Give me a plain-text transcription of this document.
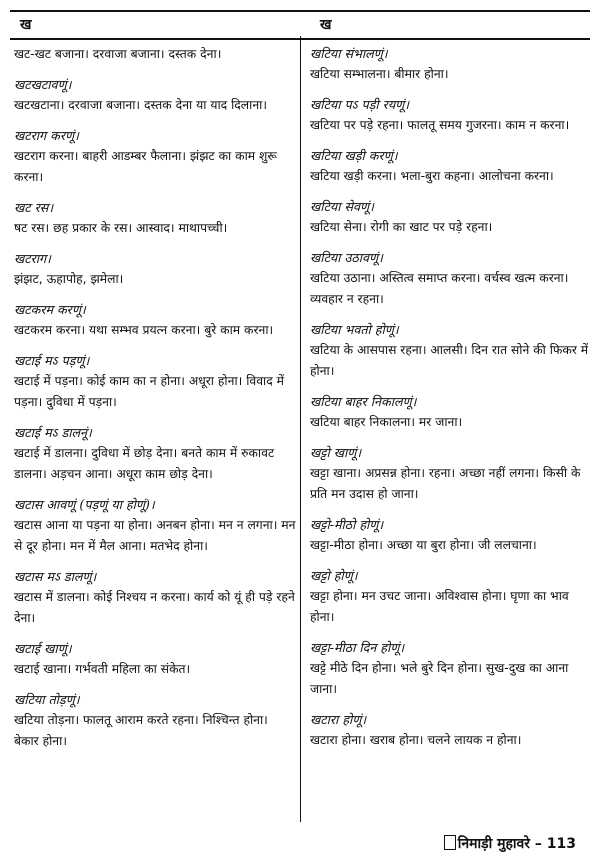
ख	ख

खट-खट बजाना। दरवाजा बजाना। दस्तक देना।

खटखटावणूं।

खटखटाना। दरवाजा बजाना। दस्तक देना या याद दिलाना।

खटराग करणूं।

खटराग करना। बाहरी आडम्बर फैलाना। झंझट का काम शुरू करना।

खट रस।

षट रस। छह प्रकार के रस। आस्वाद। माथापच्ची।

खटराग।

झंझट, ऊहापोह, झमेला।

खटकरम करणूं।

खटकरम करना। यथा सम्भव प्रयत्न करना। बुरे काम करना।

खटाई मऽ पड़णूं।

खटाई में पड़ना। कोई काम का न होना। अधूरा होना। विवाद में पड़ना। दुविधा में पड़ना।

खटाई मऽ डालनूं।

खटाई में डालना। दुविधा में छोड़ देना। बनते काम में रुकावट डालना। अड़चन आना। अधूरा काम छोड़ देना।

खटास आवणूं (पड़णूं या होणूं)।

खटास आना या पड़ना या होना। अनबन होना। मन न लगना। मन से दूर होना। मन में मैल आना। मतभेद होना।

खटास मऽ डालणूं।

खटास में डालना। कोई निश्चय न करना। कार्य को यूं ही पड़े रहने देना।

खटाई खाणूं।

खटाई खाना। गर्भवती महिला का संकेत।

खटिया तोड़णूं।

खटिया तोड़ना। फालतू आराम करते रहना। निश्चिन्त होना। बेकार होना।

खटिया संभालणूं।

खटिया सम्भालना। बीमार होना।

खटिया पऽ पड़ी रयणूं।

खटिया पर पड़े रहना। फालतू समय गुजरना। काम न करना।

खटिया खड़ी करणूं।

खटिया खड़ी करना। भला-बुरा कहना। आलोचना करना।

खटिया सेवणूं।

खटिया सेना। रोगी का खाट पर पड़े रहना।

खटिया उठावणूं।

खटिया उठाना। अस्तित्व समाप्त करना। वर्चस्व खत्म करना। व्यवहार न रहना।

खटिया भवतो होणूं।

खटिया के आसपास रहना। आलसी। दिन रात सोने की फिकर में होना।

खटिया बाहर निकालणूं।

खटिया बाहर निकालना। मर जाना।

खट्टो खाणूं।

खट्टा खाना। अप्रसन्न होना। रहना। अच्छा नहीं लगना। किसी के प्रति मन उदास हो जाना।

खट्टो-मीठो होणूं।

खट्टा-मीठा होना। अच्छा या बुरा होना। जी ललचाना।

खट्टो होणूं।

खट्टा होना। मन उचट जाना। अविश्वास होना। घृणा का भाव होना।

खट्टा-मीठा दिन होणूं।

खट्टे मीठे दिन होना। भले बुरे दिन होना। सुख-दुख का आना जाना।

खटारा होणूं।

खटारा होना। खराब होना। चलने लायक न होना।

निमाड़ी मुहावरे – 113
